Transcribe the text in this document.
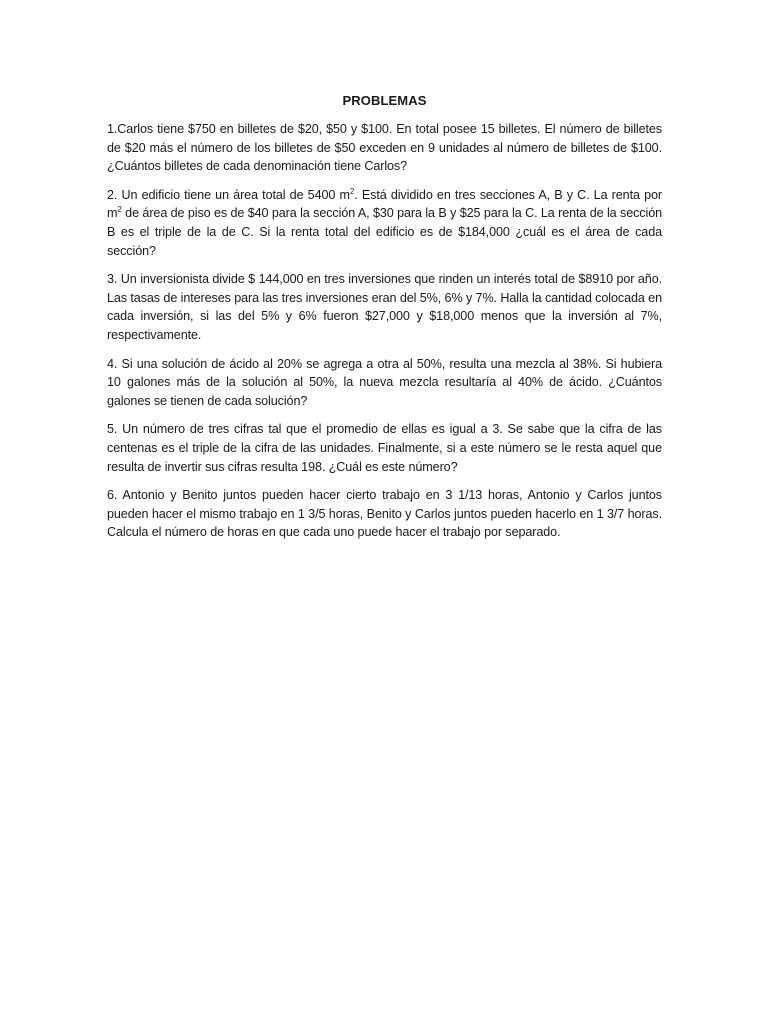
PROBLEMAS

1.Carlos tiene $750 en billetes de $20, $50 y $100. En total posee 15 billetes. El número de billetes de $20 más el número de los billetes de $50 exceden en 9 unidades al número de billetes de $100. ¿Cuántos billetes de cada denominación tiene Carlos?

2. Un edificio tiene un área total de 5400 $m^2$. Está dividido en tres secciones A, B y C. La renta por $m^2$ de área de piso es de $40 para la sección A, $30 para la B y $25 para la C. La renta de la sección B es el triple de la de C. Si la renta total del edificio es de $184,000 ¿cuál es el área de cada sección?

3. Un inversionista divide $ 144,000 en tres inversiones que rinden un interés total de $8910 por año. Las tasas de intereses para las tres inversiones eran del 5%, 6% y 7%. Halla la cantidad colocada en cada inversión, si las del 5% y 6% fueron $27,000 y $18,000 menos que la inversión al 7%, respectivamente.

4. Si una solución de ácido al 20% se agrega a otra al 50%, resulta una mezcla al 38%. Si hubiera 10 galones más de la solución al 50%, la nueva mezcla resultaría al 40% de ácido. ¿Cuántos galones se tienen de cada solución?

5. Un número de tres cifras tal que el promedio de ellas es igual a 3. Se sabe que la cifra de las centenas es el triple de la cifra de las unidades. Finalmente, si a este número se le resta aquel que resulta de invertir sus cifras resulta 198. ¿Cuál es este número?

6. Antonio y Benito juntos pueden hacer cierto trabajo en 3 1/13 horas, Antonio y Carlos juntos pueden hacer el mismo trabajo en 1 3/5 horas, Benito y Carlos juntos pueden hacerlo en 1 3/7 horas. Calcula el número de horas en que cada uno puede hacer el trabajo por separado.
